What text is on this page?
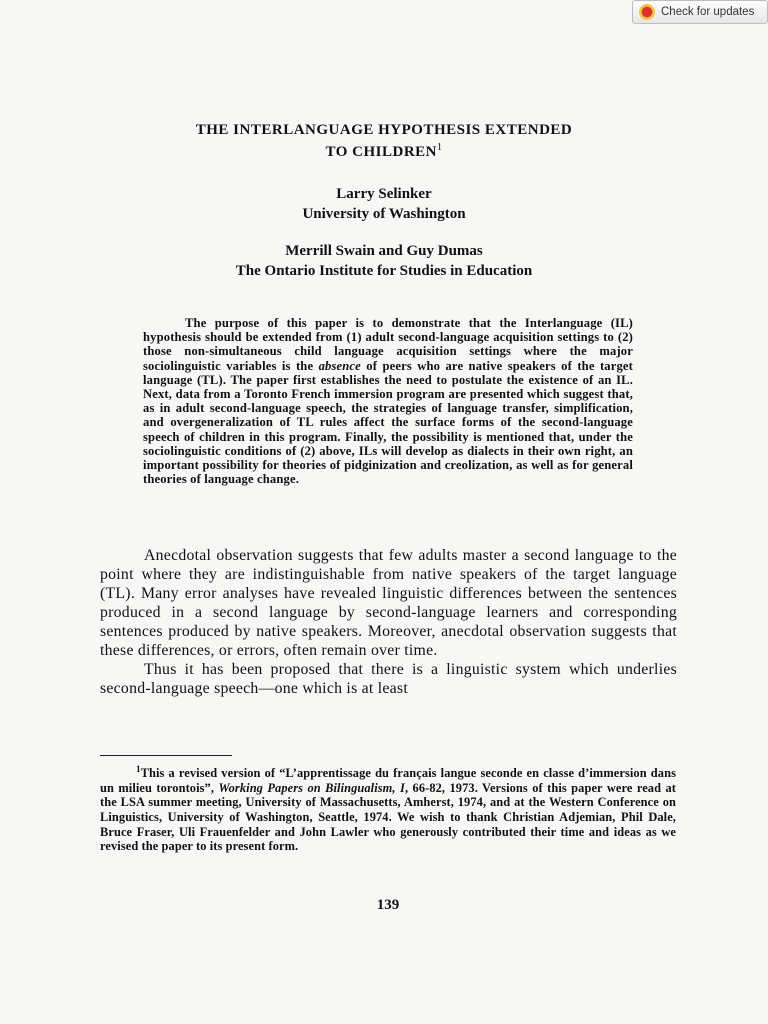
Check for updates
THE INTERLANGUAGE HYPOTHESIS EXTENDED
TO CHILDREN$^1$
Larry Selinker
University of Washington
Merrill Swain and Guy Dumas
The Ontario Institute for Studies in Education

The purpose of this paper is to demonstrate that the Interlanguage (IL) hypothesis should be extended from (1) adult second-language acquisition settings to (2) those non-simultaneous child language acquisition settings where the major sociolinguistic variables is the absence of peers who are native speakers of the target language (TL). The paper first establishes the need to postulate the existence of an IL. Next, data from a Toronto French immersion program are presented which suggest that, as in adult second-language speech, the strategies of language transfer, simplification, and overgeneralization of TL rules affect the surface forms of the second-language speech of children in this program. Finally, the possibility is mentioned that, under the sociolinguistic conditions of (2) above, ILs will develop as dialects in their own right, an important possibility for theories of pidginization and creolization, as well as for general theories of language change.

Anecdotal observation suggests that few adults master a second language to the point where they are indistinguishable from native speakers of the target language (TL). Many error analyses have revealed linguistic differences between the sentences produced in a second language by second-language learners and corresponding sentences produced by native speakers. Moreover, anecdotal observation suggests that these differences, or errors, often remain over time.

Thus it has been proposed that there is a linguistic system which underlies second-language speech—one which is at least

$^1$This a revised version of “L’apprentissage du français langue seconde en classe d’immersion dans un milieu torontois”, Working Papers on Bilingualism, I, 66-82, 1973. Versions of this paper were read at the LSA summer meeting, University of Massachusetts, Amherst, 1974, and at the Western Conference on Linguistics, University of Washington, Seattle, 1974. We wish to thank Christian Adjemian, Phil Dale, Bruce Fraser, Uli Frauenfelder and John Lawler who generously contributed their time and ideas as we revised the paper to its present form.

139
